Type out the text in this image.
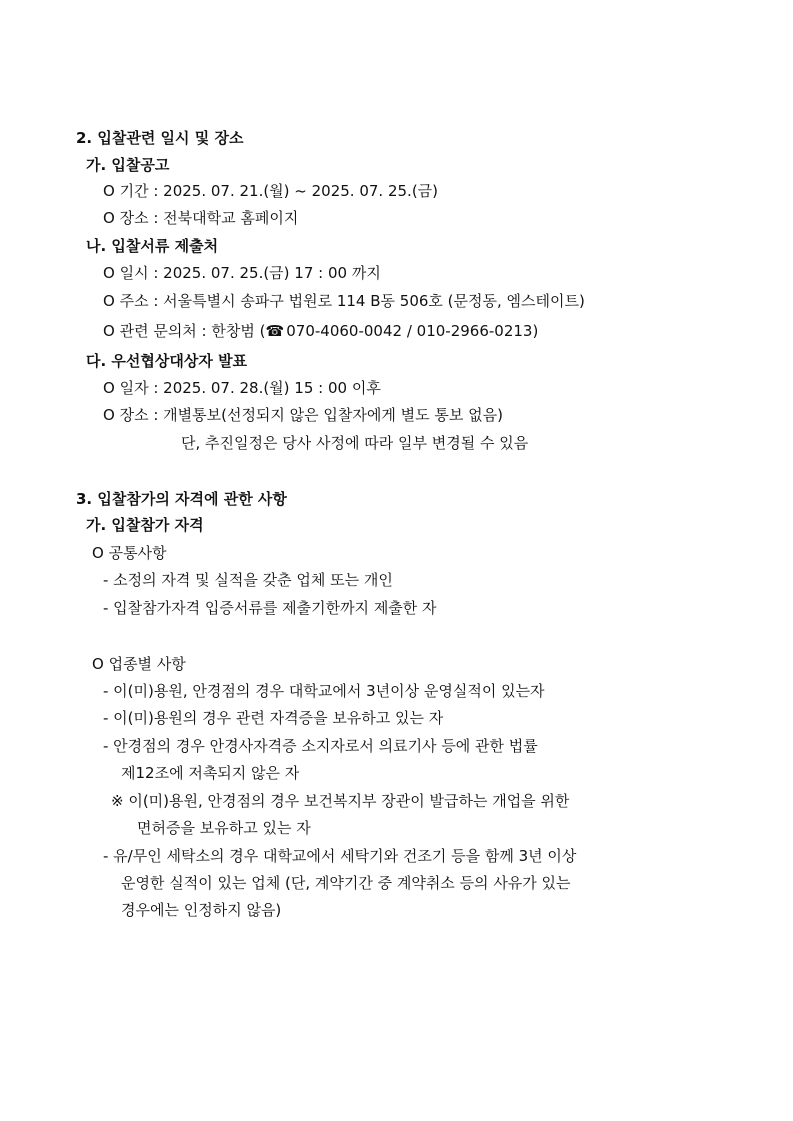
2. 입찰관련 일시 및 장소
가. 입찰공고
O 기간 : 2025. 07. 21.(월) ~ 2025. 07. 25.(금)
O 장소 : 전북대학교 홈페이지
나. 입찰서류 제출처
O 일시 : 2025. 07. 25.(금) 17 : 00 까지
O 주소 : 서울특별시 송파구 법원로 114 B동 506호 (문정동, 엠스테이트)
O 관련 문의처 : 한창범 (☎ 070-4060-0042 / 010-2966-0213)
다. 우선협상대상자 발표
O 일자 : 2025. 07. 28.(월) 15 : 00 이후
O 장소 : 개별통보(선정되지 않은 입찰자에게 별도 통보 없음)
단, 추진일정은 당사 사정에 따라 일부 변경될 수 있음
3. 입찰참가의 자격에 관한 사항
가. 입찰참가 자격
O 공통사항
- 소정의 자격 및 실적을 갖춘 업체 또는 개인
- 입찰참가자격 입증서류를 제출기한까지 제출한 자
O 업종별 사항
- 이(미)용원, 안경점의 경우 대학교에서 3년이상 운영실적이 있는자
- 이(미)용원의 경우 관련 자격증을 보유하고 있는 자
- 안경점의 경우 안경사자격증 소지자로서 의료기사 등에 관한 법률
제12조에 저촉되지 않은 자
※ 이(미)용원, 안경점의 경우 보건복지부 장관이 발급하는 개업을 위한
면허증을 보유하고 있는 자
- 유/무인 세탁소의 경우 대학교에서 세탁기와 건조기 등을 함께 3년 이상
운영한 실적이 있는 업체 (단, 계약기간 중 계약취소 등의 사유가 있는
경우에는 인정하지 않음)
